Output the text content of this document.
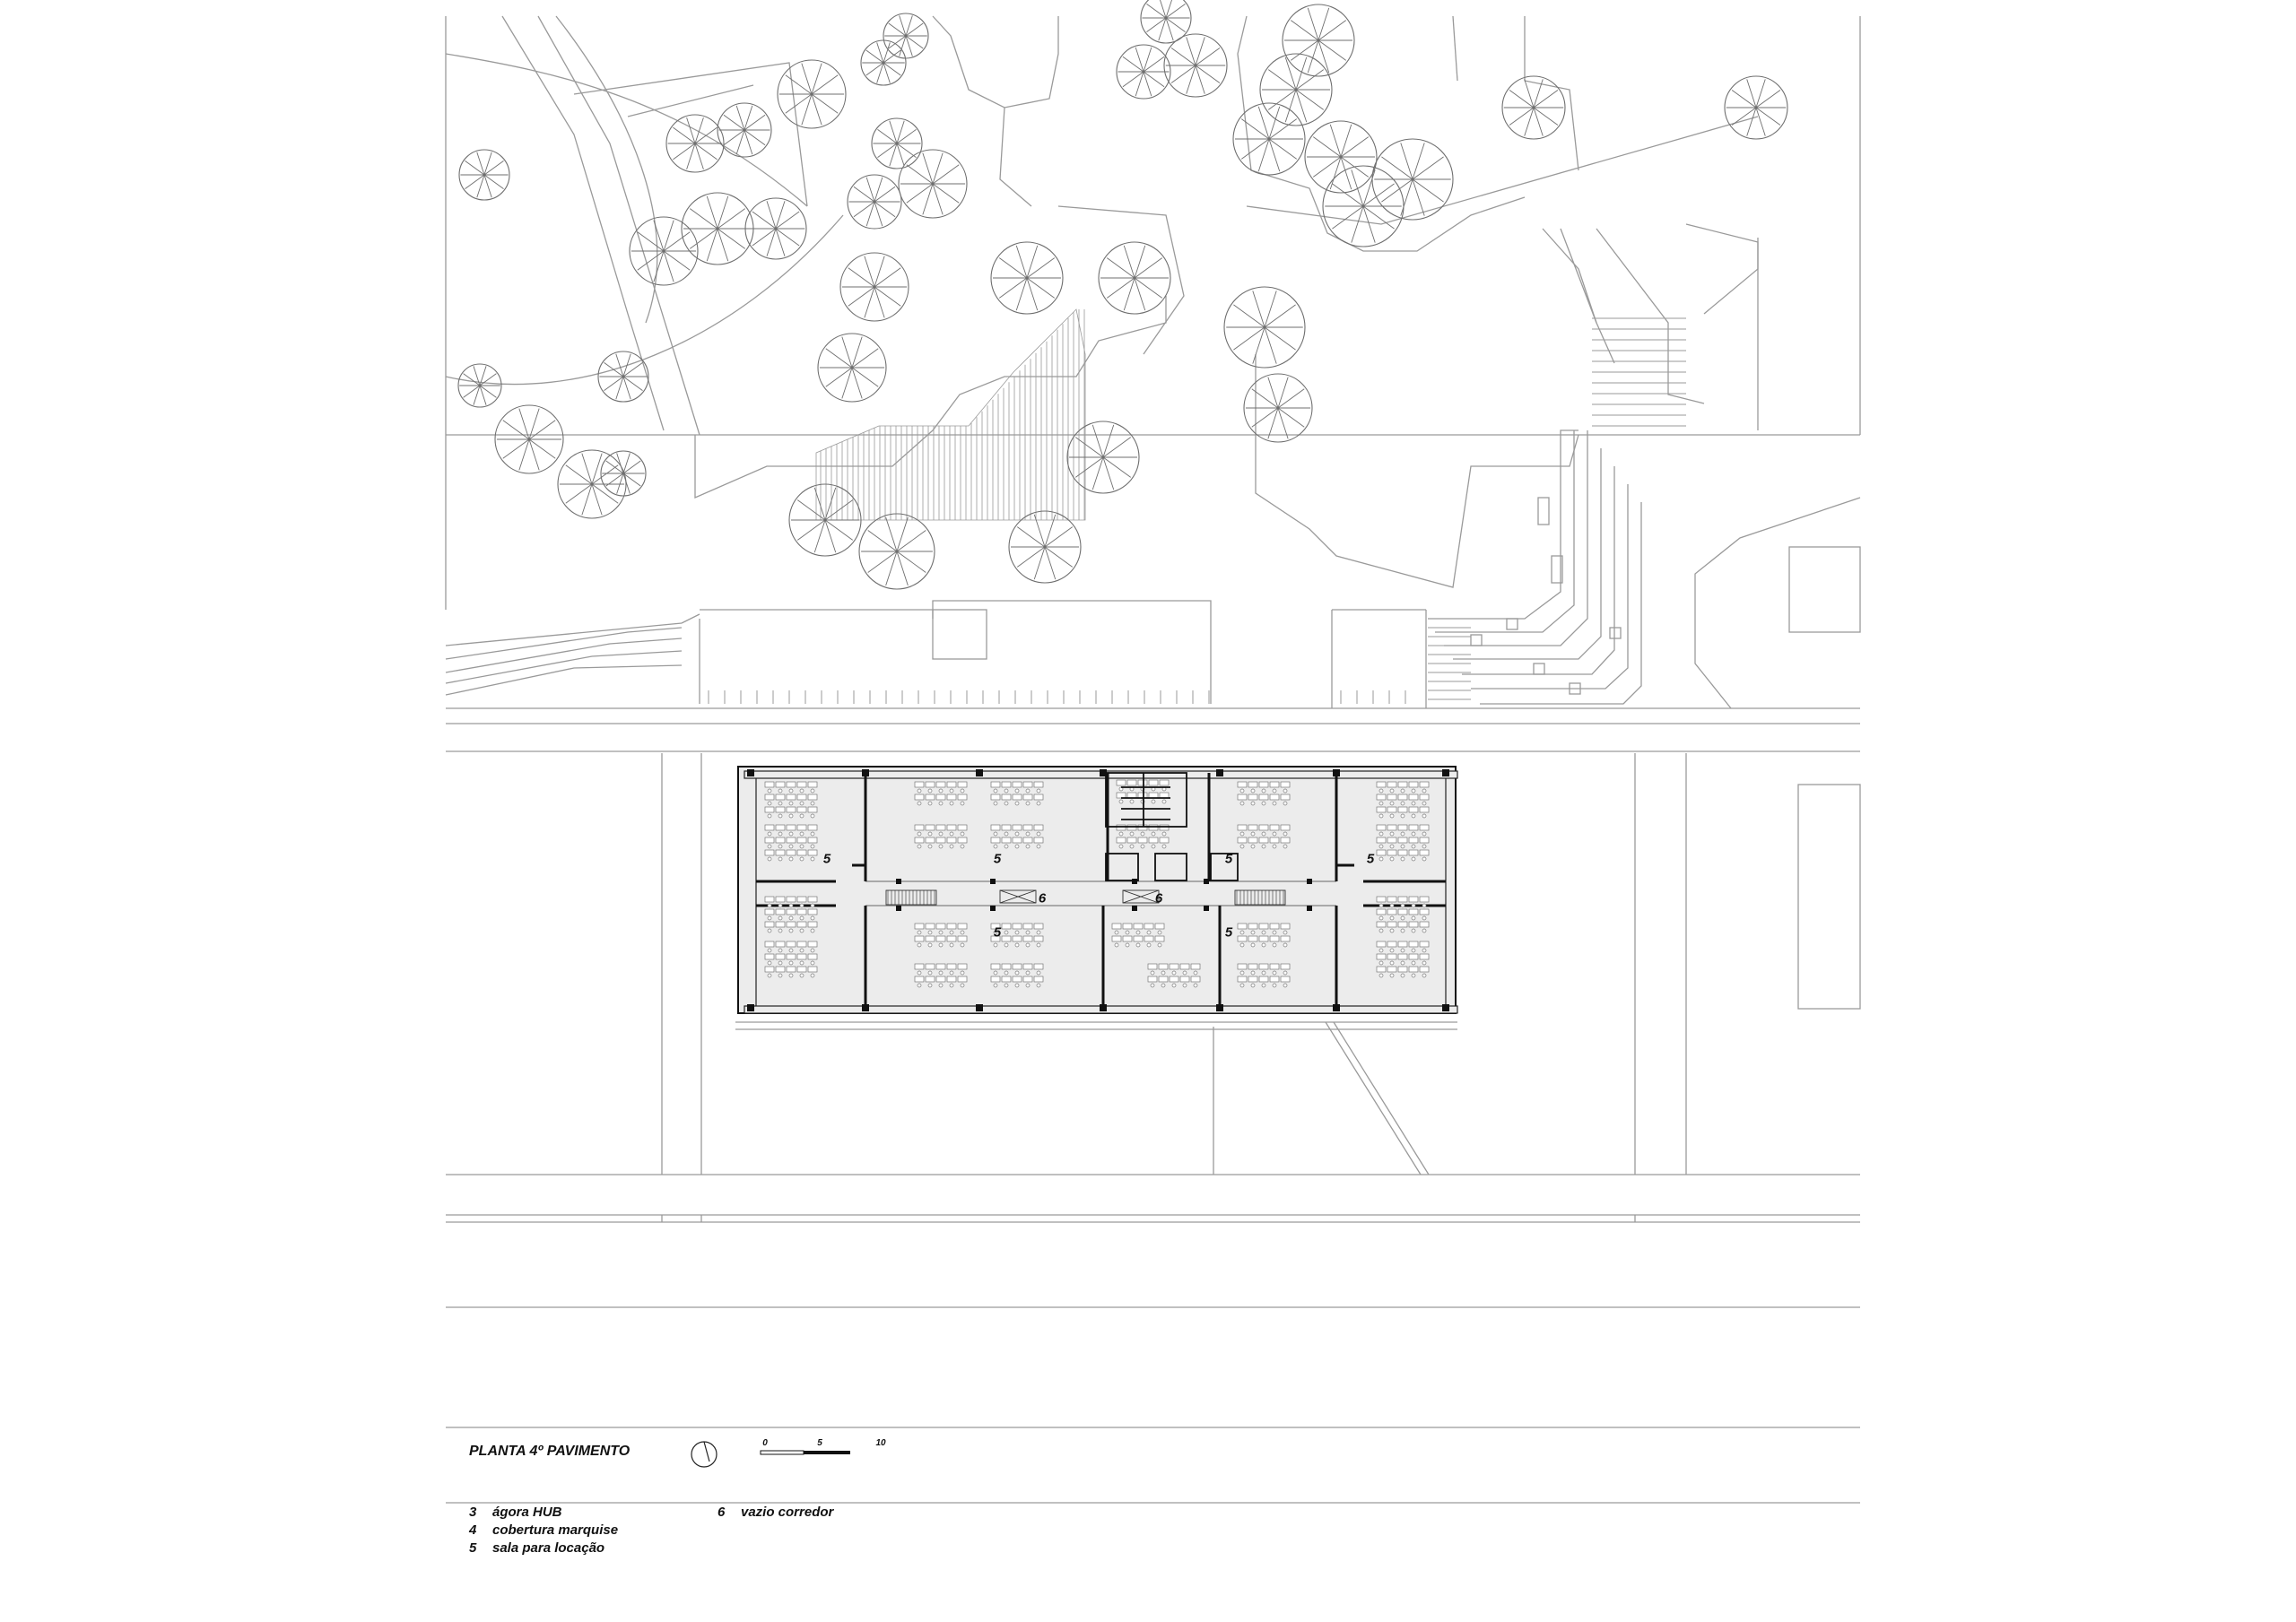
5	5	5	5
6	6
5	5
PLANTA 4º PAVIMENTO
0	5	10
3 ágora HUB
4 cobertura marquise
5 sala para locação
6 vazio corredor
